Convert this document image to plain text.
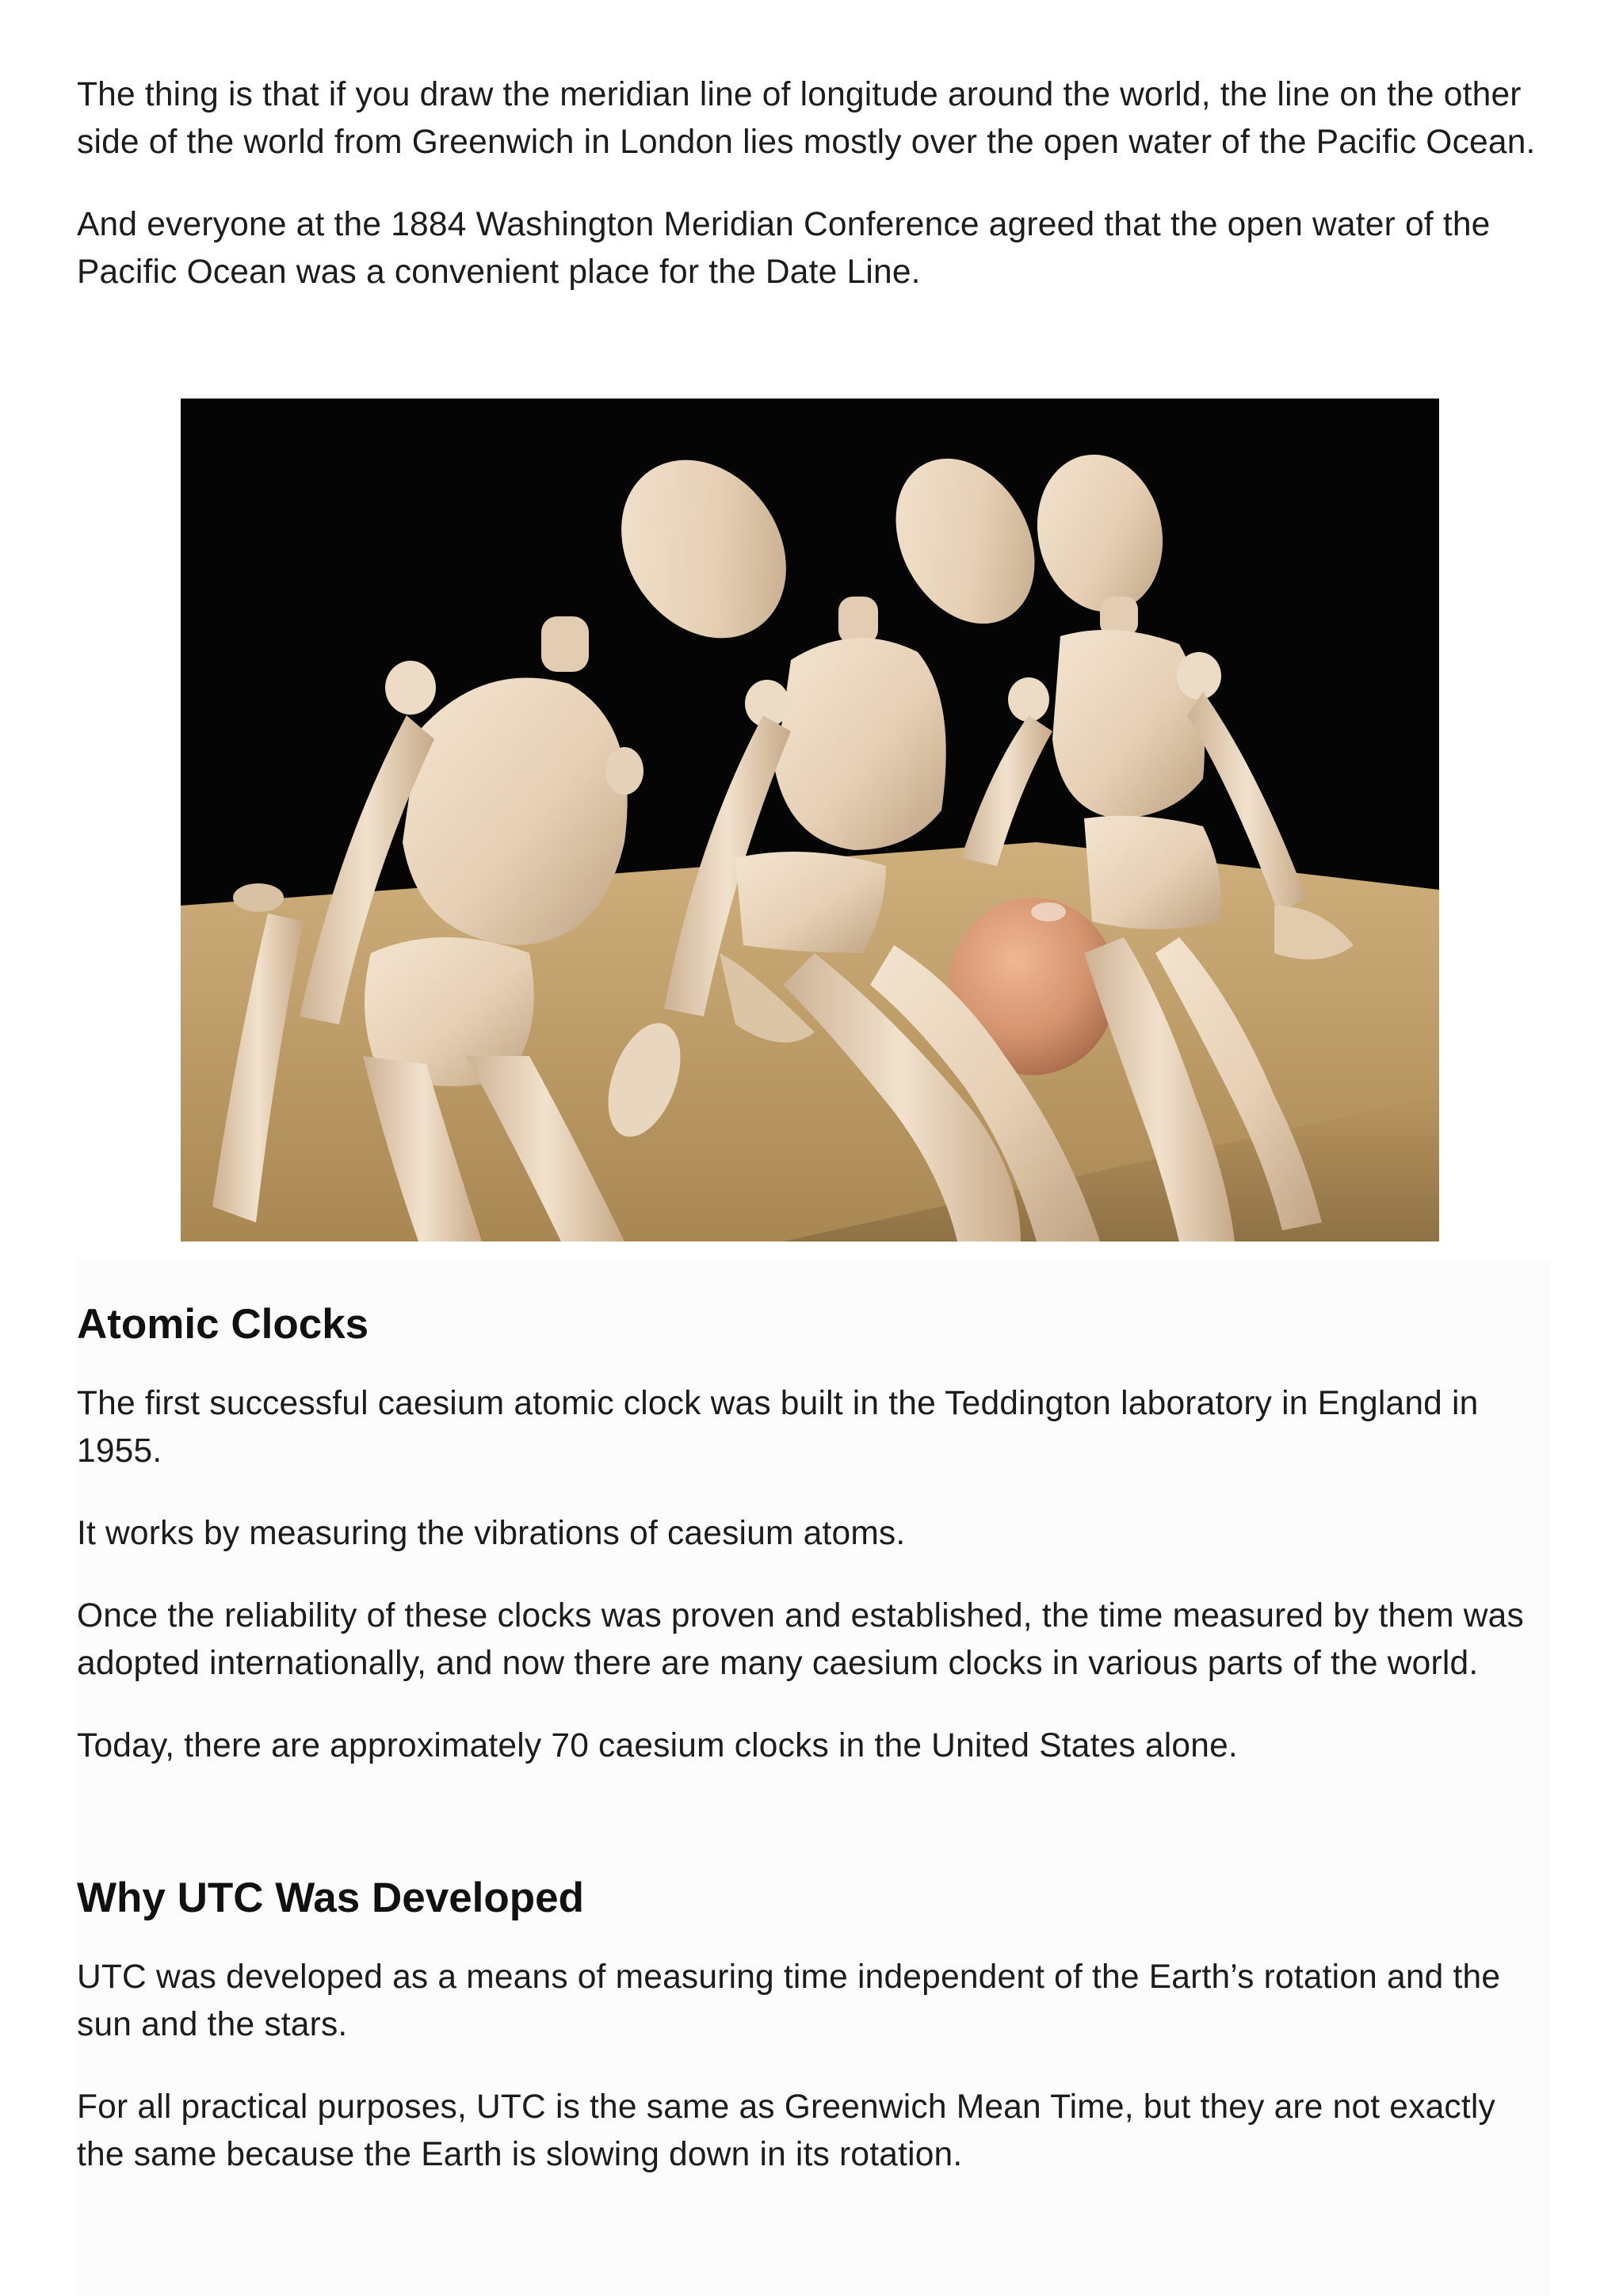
The thing is that if you draw the meridian line of longitude around the world, the line on the other side of the world from Greenwich in London lies mostly over the open water of the Pacific Ocean.

And everyone at the 1884 Washington Meridian Conference agreed that the open water of the Pacific Ocean was a convenient place for the Date Line.

Atomic Clocks

The first successful caesium atomic clock was built in the Teddington laboratory in England in 1955.

It works by measuring the vibrations of caesium atoms.

Once the reliability of these clocks was proven and established, the time measured by them was adopted internationally, and now there are many caesium clocks in various parts of the world.

Today, there are approximately 70 caesium clocks in the United States alone.

Why UTC Was Developed

UTC was developed as a means of measuring time independent of the Earth’s rotation and the sun and the stars.

For all practical purposes, UTC is the same as Greenwich Mean Time, but they are not exactly the same because the Earth is slowing down in its rotation.
